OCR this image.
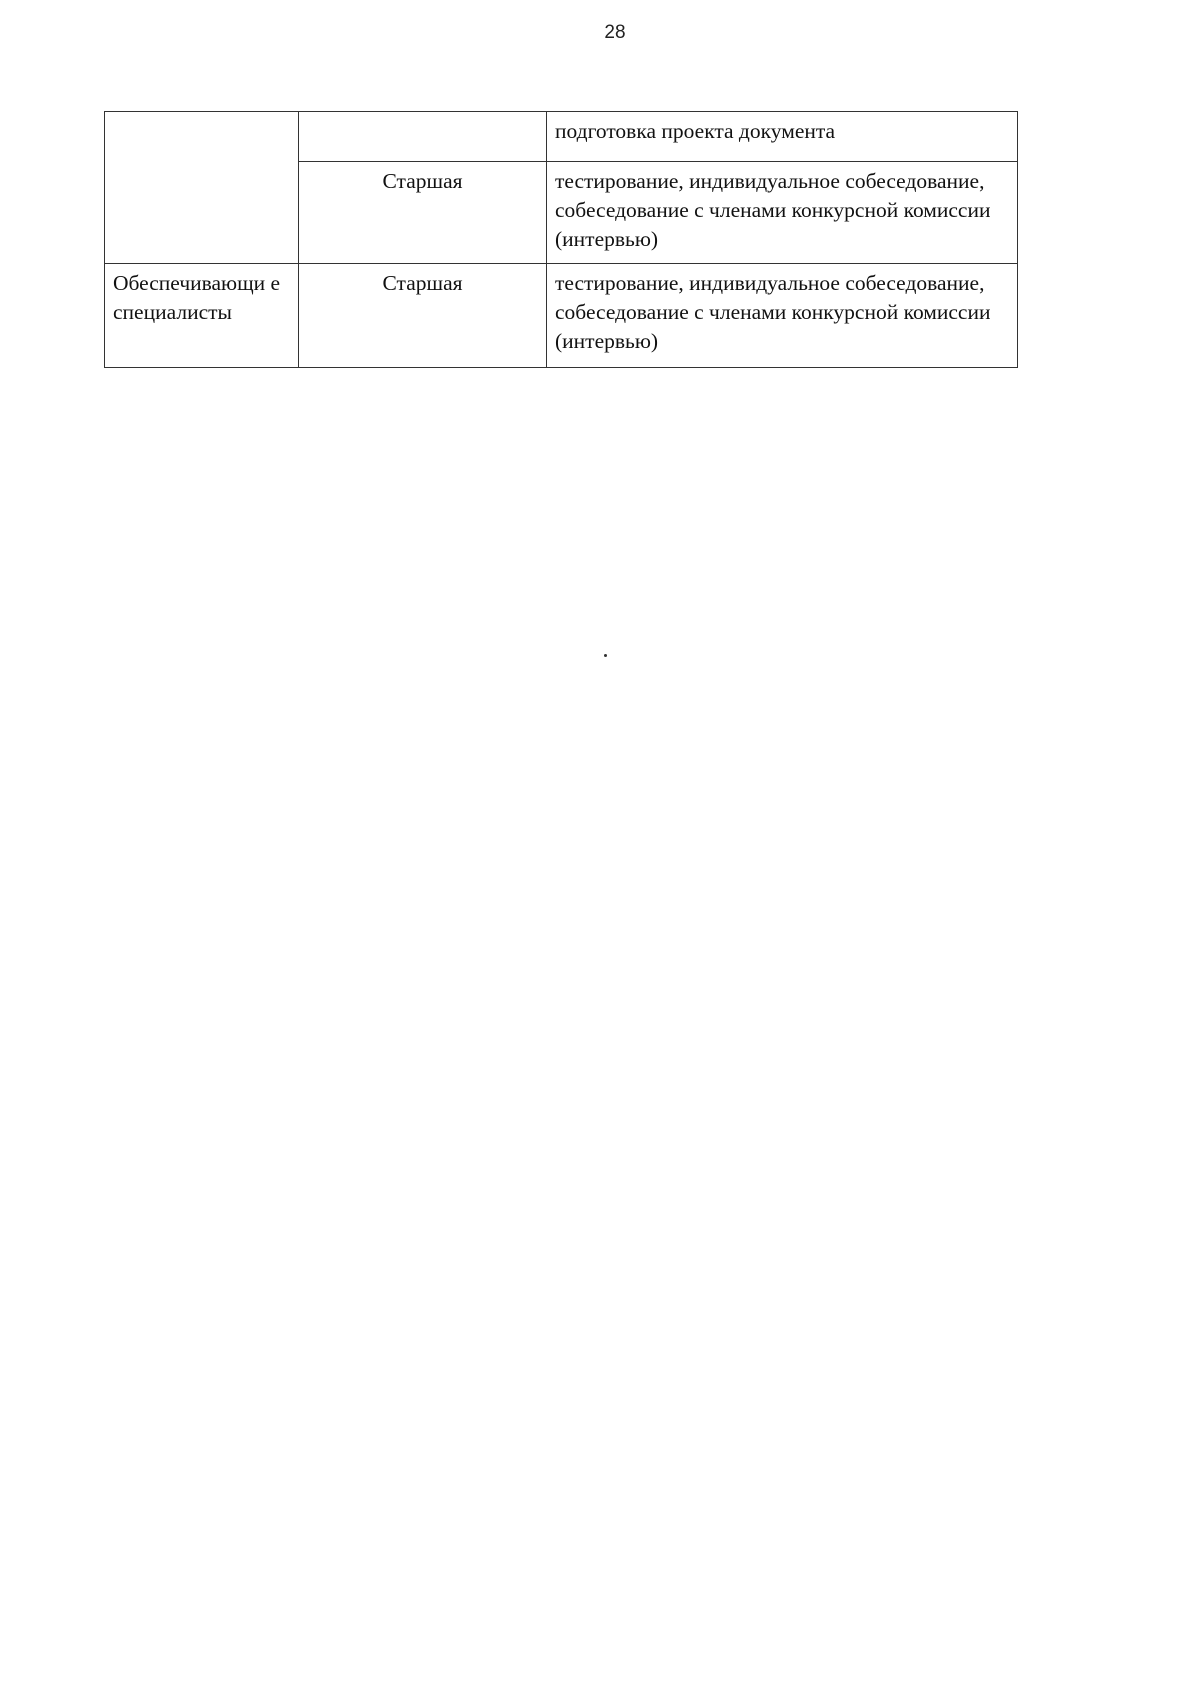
28
		подготовка проекта документа
	Старшая	тестирование, индивидуальное собеседование, собеседование с членами конкурсной комиссии (интервью)
Обеспечивающи е специалисты	Старшая	тестирование, индивидуальное собеседование, собеседование с членами конкурсной комиссии (интервью)
